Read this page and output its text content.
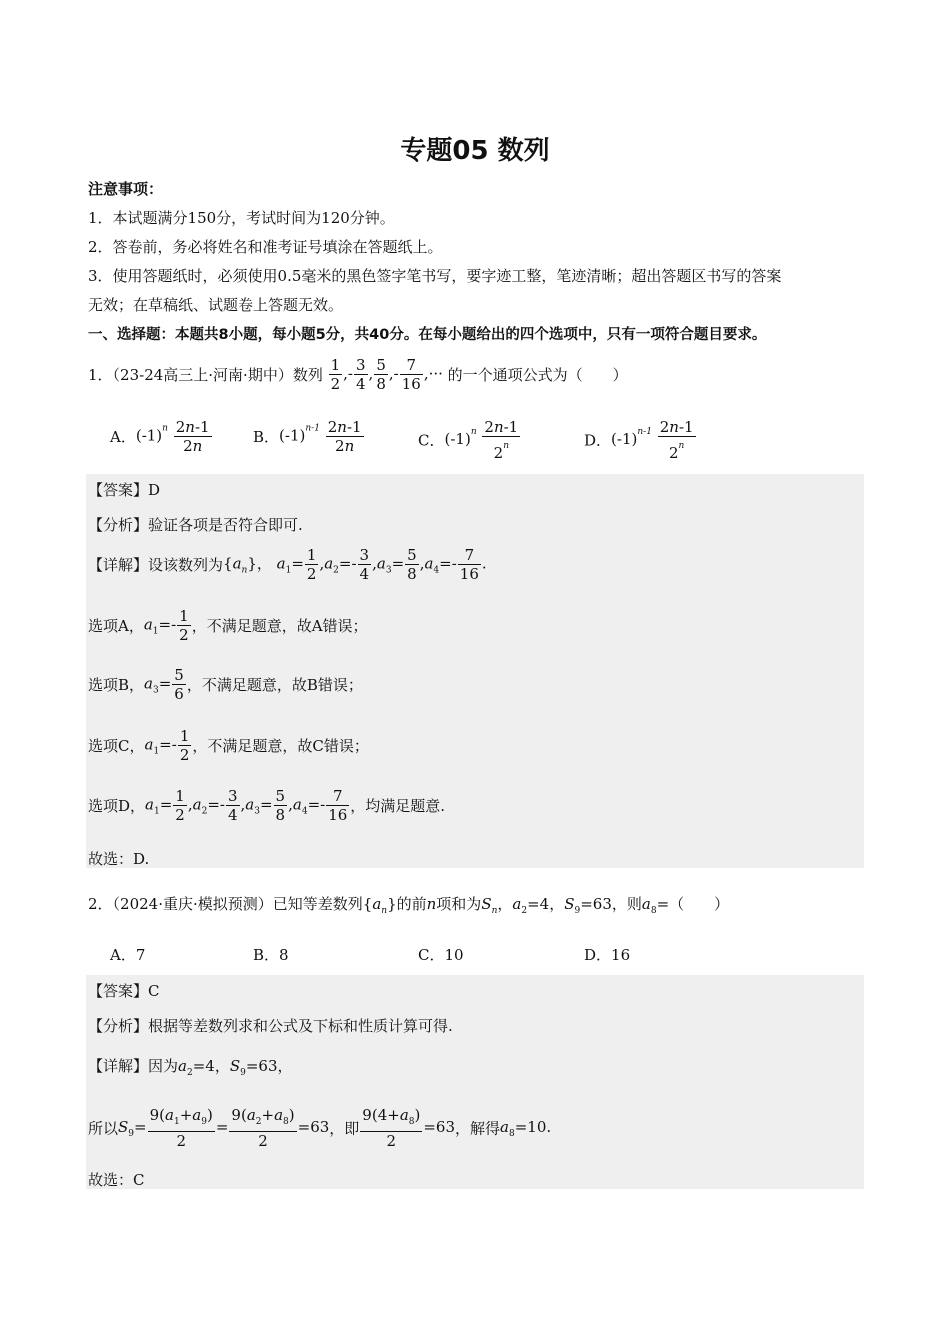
专题05 数列
注意事项：
1．本试题满分150分，考试时间为120分钟。
2．答卷前，务必将姓名和准考证号填涂在答题纸上。
3．使用答题纸时，必须使用0.5毫米的黑色签字笔书写，要字迹工整，笔迹清晰；超出答题区书写的答案
无效；在草稿纸、试题卷上答题无效。
一、选择题：本题共8小题，每小题5分，共40分。在每小题给出的四个选项中，只有一项符合题目要求。
1．（23-24高三上·河南·期中）数列 $\frac{1}{2}$ ,- $\frac{3}{4}$ , $\frac{5}{8}$ ,- $\frac{7}{16}$ ,··· 的一个通项公式为（　　）
A．$(-1)^n \frac{2n-1}{2n}$	B．$(-1)^{n-1} \frac{2n-1}{2n}$	C．$(-1)^n \frac{2n-1}{2^n}$	D．$(-1)^{n-1} \frac{2n-1}{2^n}$
【答案】D
【分析】验证各项是否符合即可.
【详解】设该数列为$\{a_n\}$， $a_1= \frac{1}{2} ,a_2=- \frac{3}{4} ,a_3= \frac{5}{8} ,a_4=- \frac{7}{16}$ .
选项A，$a_1=- \frac{1}{2}$ ，不满足题意，故A错误；
选项B，$a_3= \frac{5}{6}$ ，不满足题意，故B错误；
选项C，$a_1=- \frac{1}{2}$ ，不满足题意，故C错误；
选项D，$a_1= \frac{1}{2} ,a_2=- \frac{3}{4} ,a_3= \frac{5}{8} ,a_4=- \frac{7}{16}$ ，均满足题意.
故选：D.
2．（2024·重庆·模拟预测）已知等差数列$\{a_n\}$的前n项和为$S_n$，$a_2=4$，$S_9=63$，则$a_8=$（　　）
A．7	B．8	C．10	D．16
【答案】C
【分析】根据等差数列求和公式及下标和性质计算可得.
【详解】因为$a_2=4$，$S_9=63$，
所以$S_9= \frac{9(a_1+a_9)}{2} = \frac{9(a_2+a_8)}{2} =63$，即 $\frac{9(4+a_8)}{2} =63$，解得$a_8=10$.
故选：C
